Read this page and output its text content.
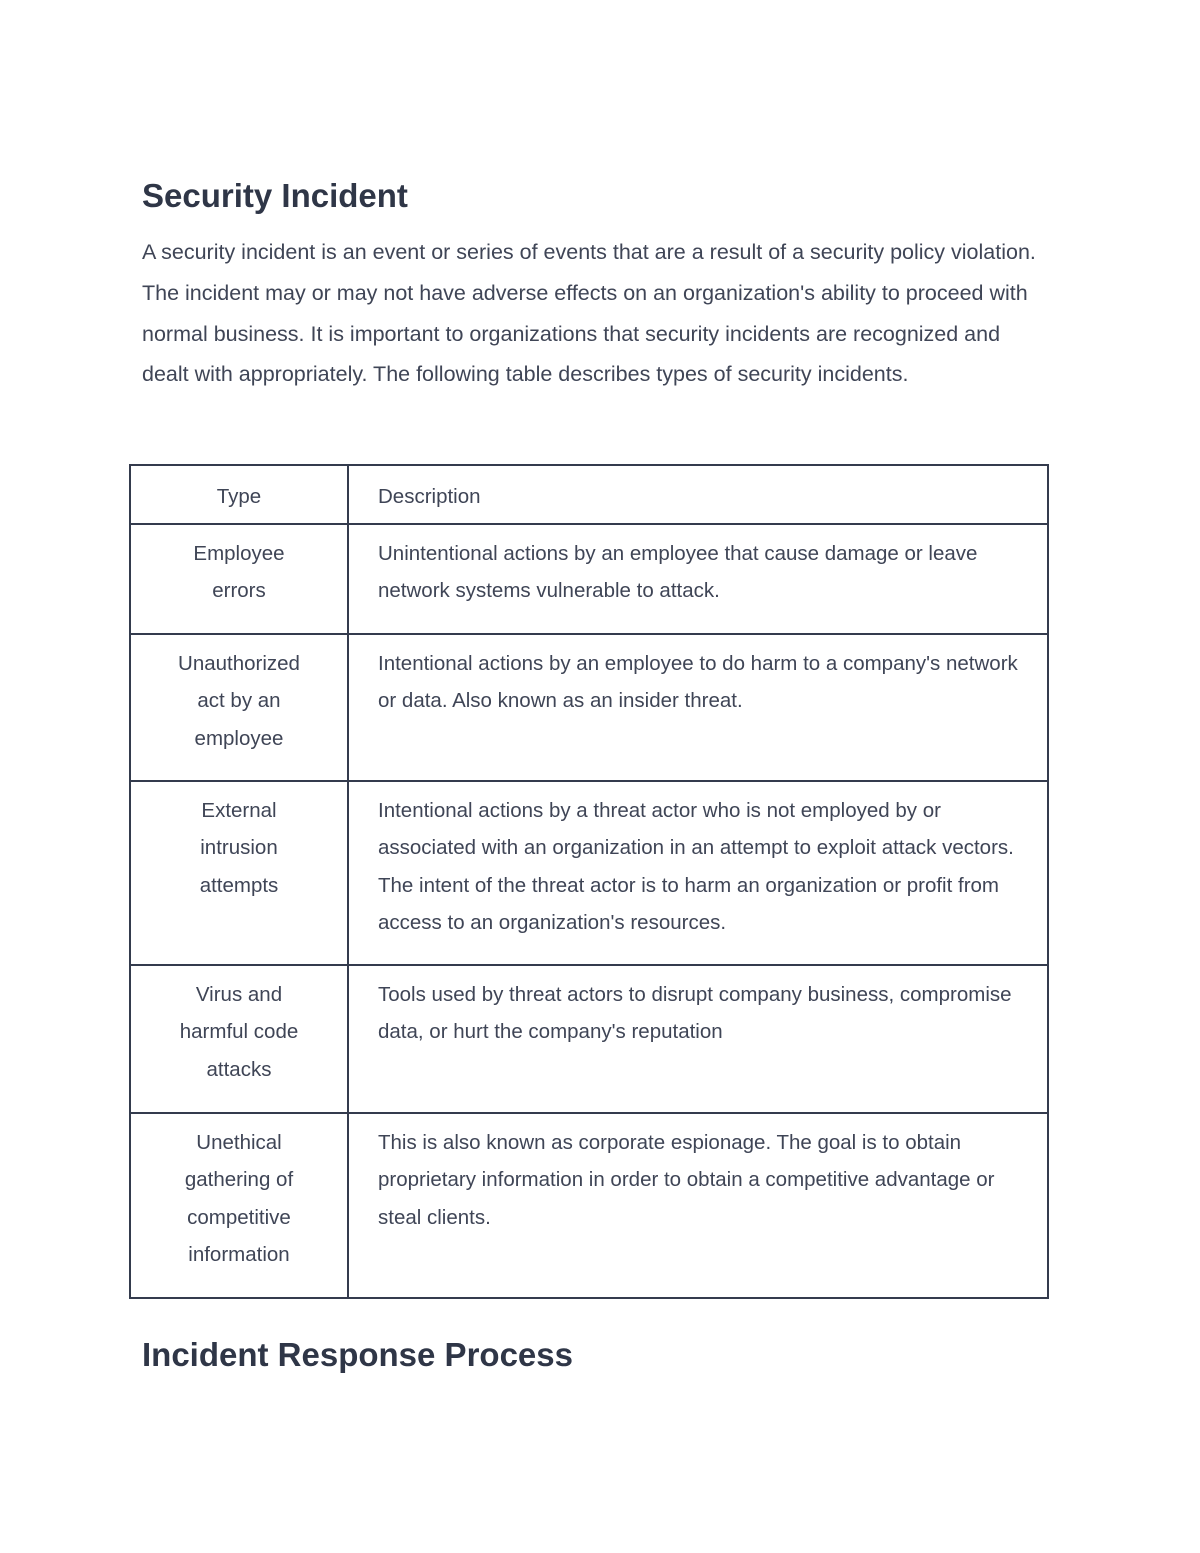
Security Incident

A security incident is an event or series of events that are a result of a security policy violation. The incident may or may not have adverse effects on an organization's ability to proceed with normal business. It is important to organizations that security incidents are recognized and dealt with appropriately. The following table describes types of security incidents.

Type	Description

Employee errors	Unintentional actions by an employee that cause damage or leave network systems vulnerable to attack.

Unauthorized act by an employee	Intentional actions by an employee to do harm to a company's network or data. Also known as an insider threat.

External intrusion attempts	Intentional actions by a threat actor who is not employed by or associated with an organization in an attempt to exploit attack vectors. The intent of the threat actor is to harm an organization or profit from access to an organization's resources.

Virus and harmful code attacks	Tools used by threat actors to disrupt company business, compromise data, or hurt the company's reputation

Unethical gathering of competitive information	This is also known as corporate espionage. The goal is to obtain proprietary information in order to obtain a competitive advantage or steal clients.
Incident Response Process
